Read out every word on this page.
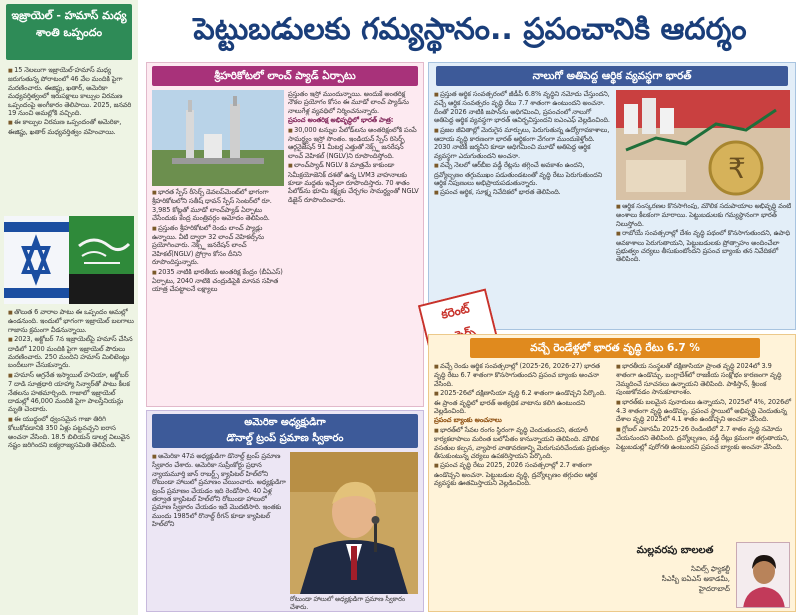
ఇజ్రాయెల్ - హమాస్ మధ్య శాంతి ఒప్పందం

■ 15 నెలలుగా ఇజ్రాయెల్-హమాస్ మధ్య జరుగుతున్న పోరాటంలో 46 వేల మందికి పైగా మరణించారు. ఈజిప్టు, ఖతార్, అమెరికా మధ్యవర్తిత్వంలో ఇరుపక్షాలు కాల్పుల విరమణ ఒప్పందంపై అంగీకారం తెలిపాయి. 2025, జనవరి 19 నుంచి అమల్లోకి వచ్చింది.

■ ఈ కాల్పుల విరమణ ఒప్పందంతో అమెరికా, ఈజిప్టు, ఖతార్ మధ్యవర్తిత్వం వహించాయి.

■ తొలుత 6 వారాల పాటు ఈ ఒప్పందం అమల్లో ఉండనుంది. ఇందులో భాగంగా ఇజ్రాయెల్ బలగాలు గాజాను క్రమంగా వీడనున్నాయి.

■ 2023, అక్టోబర్ 7న ఇజ్రాయెల్‌పై హమాస్ చేసిన దాడిలో 1200 మందికి పైగా ఇజ్రాయెల్ పౌరులు మరణించారు. 250 మందిని హమాస్ మిలిటెంట్లు బందీలుగా చేసుకున్నారు.

■ హమాస్ అగ్రనేత ఇస్మాయిల్ హనియా, అక్టోబర్ 7 దాడి సూత్రధారి యాహ్యా సిన్వార్‌తో పాటు కీలక నేతలను హతమార్చింది. గాజాలో ఇజ్రాయెల్ దాడుల్లో 46,000 మందికి పైగా పాలస్తీనియన్లు మృతి చెందారు.

■ ఈ యుద్ధంలో ధ్వంసమైన గాజా తిరిగి కోలుకోవడానికి 350 ఏళ్లు పట్టవచ్చని ఐరాస అంచనా వేసింది. 18.5 బిలియన్ డాలర్ల విలువైన నష్టం జరిగిందని ఐక్యరాజ్యసమితి తెలిపింది.

పెట్టుబడులకు గమ్యస్థానం.. ప్రపంచానికి ఆదర్శం
శ్రీహరికోటలో లాంచ్ ప్యాడ్ ఏర్పాటు

■ భారత స్పేస్ రీసెర్చ్ డెవలప్‌మెంట్‌లో భాగంగా శ్రీహరికోటలోని సతీష్ ధావన్ స్పేస్ సెంటర్‌లో రూ. 3,985 కోట్లతో మూడో లాంచ్‌ప్యాడ్ ఏర్పాటు చేసేందుకు కేంద్ర మంత్రివర్గం ఆమోదం తెలిపింది.

■ ప్రస్తుతం శ్రీహరికోటలో రెండు లాంచ్ ప్యాడ్లు ఉన్నాయి. వీటి ద్వారా 32 లాంచ్ వెహికల్స్‌ను ప్రయోగించారు. నెక్స్ట్ జనరేషన్ లాంచ్ వెహికల్(NGLV) ప్రోగ్రాం కోసం దీనిని రూపొందిస్తున్నారు.

■ 2035 నాటికి భారతీయ అంతరిక్ష కేంద్రం (బీఏఎస్) ఏర్పాటు, 2040 నాటికి చంద్రుడిపైకి మానవ సహిత యాత్ర చేపట్టాలనే లక్ష్యాలు

ప్రస్తుతం ఇస్రో ముందున్నాయి. అందుకే అంతరిక్ష నౌకల ప్రయోగం కోసం ఈ మూడో లాంచ్ ప్యాడ్‌ను నాలుగేళ్ల వ్యవధిలో నిర్మించనున్నారు.

ప్రపంచ అంతరిక్ష అభివృద్ధిలో భారత్ పాత్ర:

■ 30,000 టన్నుల పేలోడ్‌లను అంతరిక్షంలోకి పంపే సామర్థ్యం ఇస్రో సొంతం. ఇండియన్ స్పేస్ రిసెర్చ్ ఆర్గనైజేషన్ 91 మీటర్ల ఎత్తుతో నెక్స్ట్ జనరేషన్ లాంచ్ వెహికల్ (NGLV)ని రూపొందిస్తోంది.

■ లాంచ్‌ప్యాడ్ NGLV కి మాత్రమే కాకుండా సెమీక్రయోజెనిక్ దశతో ఉన్న LVM3 వాహనాలకు కూడా మద్దతు ఇచ్చేలా రూపొందిస్తారు. 70 శాతం పేలోడ్‌ను భూమి కక్ష్యకు చేర్చగల సామర్థ్యంతో NGLV డిజైన్ రూపొందించారు.

అమెరికా అధ్యక్షుడిగా
డొనాల్డ్ ట్రంప్ ప్రమాణ స్వీకారం

■ అమెరికా 47వ అధ్యక్షుడిగా డొనాల్డ్ ట్రంప్ ప్రమాణ స్వీకారం చేశారు. అమెరికా సుప్రీంకోర్టు ప్రధాన న్యాయమూర్తి జాన్ రాబర్ట్స్ క్యాపిటల్ హిల్‌లోని రోటుండా హాలులో ప్రమాణం చేయించారు. అధ్యక్షుడిగా ట్రంప్ ప్రమాణం చేయడం ఇది రెండోసారి. 40 ఏళ్ల తర్వాత క్యాపిటల్ హిల్‌లోని రోటుండా హాలులో ప్రమాణ స్వీకారం చేయడం ఇదే మొదటిసారి. ఇంతకు ముందు 1985లో రొనాల్డ్ రీగన్ కూడా క్యాపిటల్ హిల్‌లోని

రోటుండా హాలులో అధ్యక్షుడిగా ప్రమాణ స్వీకారం చేశారు.
నాలుగో అతిపెద్ద ఆర్థిక వ్యవస్థగా భారత్

■ ప్రస్తుత ఆర్థిక సంవత్సరంలో జీడీపీ 6.8% వృద్ధిని నమోదు చేస్తుందని, వచ్చే ఆర్థిక సంవత్సరం వృద్ధి రేటు 7.7 శాతంగా ఉంటుందని అంచనా. దీంతో 2026 నాటికి జపాన్‌ను అధిగమించి, ప్రపంచంలో నాలుగో అతిపెద్ద ఆర్థిక వ్యవస్థగా భారత్ ఆవిర్భవిస్తుందని ఐఎంఎఫ్ వెల్లడించింది.

■ ప్రజల జీవితాల్లో మెరుగైన మార్పులు, పెరుగుతున్న ఉద్యోగావకాశాలు, ఆదాయ వృద్ధి కారణంగా భారత్ ఆర్థికంగా వేగంగా ముందుకెళ్తోంది. 2030 నాటికి జర్మనీని కూడా అధిగమించి మూడో అతిపెద్ద ఆర్థిక వ్యవస్థగా ఎదుగుతుందని అంచనా.

■ వచ్చే నెలలో ఆర్‌బీఐ వడ్డీ రేట్లను తగ్గించే అవకాశం ఉందని, ద్రవ్యోల్బణం తగ్గుముఖం పడుతుండటంతో వృద్ధి రేటు పెరుగుతుందని ఆర్థిక నిపుణులు అభిప్రాయపడుతున్నారు.

■ ప్రపంచ ఆర్థిక, సూక్ష్మ నివేదికలో భారత తెలిపింది.

₹

■ ఆర్థిక సంస్కరణల కొనసాగింపు, మౌలిక సదుపాయాల అభివృద్ధి వంటి అంశాలు కీలకంగా మారాయి. పెట్టుబడులకు గమ్యస్థానంగా భారత్ నిలుస్తోంది.

■ రాబోయే సంవత్సరాల్లో దేశం వృద్ధి పథంలో కొనసాగుతుందని, ఉపాధి అవకాశాలు పెరుగుతాయని, పెట్టుబడులకు ప్రోత్సాహం అందించేలా ప్రభుత్వం చర్యలు తీసుకుంటోందని ప్రపంచ బ్యాంకు తన నివేదికలో తెలిపింది.

కరెంట్
వచ్చే రెండేళ్లలో భారత వృద్ధి రేటు 6.7 %

■ వచ్చే రెండు ఆర్థిక సంవత్సరాల్లో (2025-26, 2026-27) భారత వృద్ధి రేటు 6.7 శాతంగా కొనసాగుతుందని ప్రపంచ బ్యాంకు అంచనా వేసింది.

■ 2025-26లో దక్షిణాసియా వృద్ధి 6.2 శాతంగా ఉండొచ్చని పేర్కొంది. ఈ ప్రాంత వృద్ధిలో భారత్ అత్యధిక వాటాను కలిగి ఉంటుందని వెల్లడించింది.

ప్రపంచ బ్యాంకు అంచనాలు

■ భారత్‌లో సేవల రంగం స్థిరంగా వృద్ధి చెందుతుందని, తయారీ కార్యకలాపాలు మరింత బలోపేతం కానున్నాయని తెలిపింది. మౌలిక వసతుల కల్పన, వ్యాపార వాతావరణాన్ని మెరుగుపరిచేందుకు ప్రభుత్వం తీసుకుంటున్న చర్యలు ఉపకరిస్తాయని పేర్కొంది.

■ ప్రపంచ వృద్ధి రేటు 2025, 2026 సంవత్సరాల్లో 2.7 శాతంగా ఉండొచ్చని అంచనా. పెట్టుబడుల వృద్ధి, ద్రవ్యోల్బణం తగ్గుదల ఆర్థిక వ్యవస్థకు ఊతమిస్తాయని వెల్లడించింది.

■ భారతీయ సంస్థలతో దక్షిణాసియా ప్రాంత వృద్ధి 2024లో 3.9 శాతంగా ఉండొచ్చు. బంగ్లాదేశ్‌లో రాజకీయ సంక్షోభం కారణంగా వృద్ధి నెమ్మదించే సూచనలు ఉన్నాయని తెలిపింది. పాకిస్తాన్, శ్రీలంక పుంజుకోవడం సానుకూలాంశం.

■ భారత్‌కు బలమైన పునాదులు ఉన్నాయని, 2025లో 4%, 2026లో 4.3 శాతంగా వృద్ధి ఉండొచ్చు. ప్రపంచ స్థాయిలో అభివృద్ధి చెందుతున్న దేశాల వృద్ధి 2025లో 4.1 శాతం ఉండొచ్చని అంచనా వేసింది.

■ గ్లోబల్ ఎకానమీ 2025-26 రెండింటిలో 2.7 శాతం వృద్ధి నమోదు చేయనుందని తెలిపింది. ద్రవ్యోల్బణం, వడ్డీ రేట్లు క్రమంగా తగ్గుతాయని, పెట్టుబడుల్లో పురోగతి ఉంటుందని ప్రపంచ బ్యాంకు అంచనా వేసింది.

మల్లవరపు బాలలత
సివిల్స్ ఫ్యాకల్టీ
సీఎస్బీ ఐఏఎస్ అకాడమీ,
హైదరాబాద్
